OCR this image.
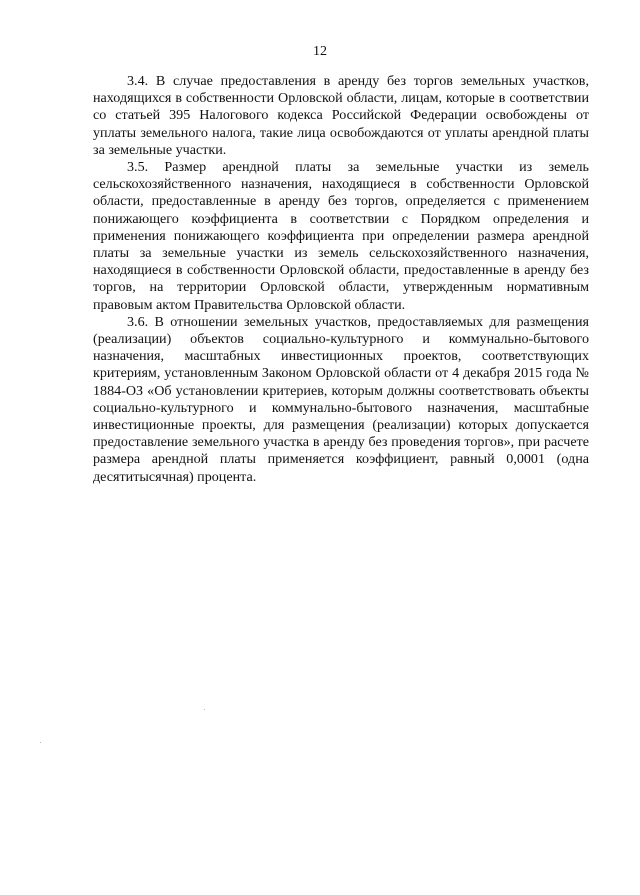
12

3.4. В случае предоставления в аренду без торгов земельных участков, находящихся в собственности Орловской области, лицам, которые в соответствии со статьей 395 Налогового кодекса Российской Федерации освобождены от уплаты земельного налога, такие лица освобождаются от уплаты арендной платы за земельные участки.

3.5. Размер арендной платы за земельные участки из земель сельскохозяйственного назначения, находящиеся в собственности Орловской области, предоставленные в аренду без торгов, определяется с применением понижающего коэффициента в соответствии с Порядком определения и применения понижающего коэффициента при определении размера арендной платы за земельные участки из земель сельскохозяйственного назначения, находящиеся в собственности Орловской области, предоставленные в аренду без торгов, на территории Орловской области, утвержденным нормативным правовым актом Правительства Орловской области.

3.6. В отношении земельных участков, предоставляемых для размещения (реализации) объектов социально-культурного и коммунально-бытового назначения, масштабных инвестиционных проектов, соответствующих критериям, установленным Законом Орловской области от 4 декабря 2015 года № 1884-ОЗ «Об установлении критериев, которым должны соответствовать объекты социально-культурного и коммунально-бытового назначения, масштабные инвестиционные проекты, для размещения (реализации) которых допускается предоставление земельного участка в аренду без проведения торгов», при расчете размера арендной платы применяется коэффициент, равный 0,0001 (одна десятитысячная) процента.
